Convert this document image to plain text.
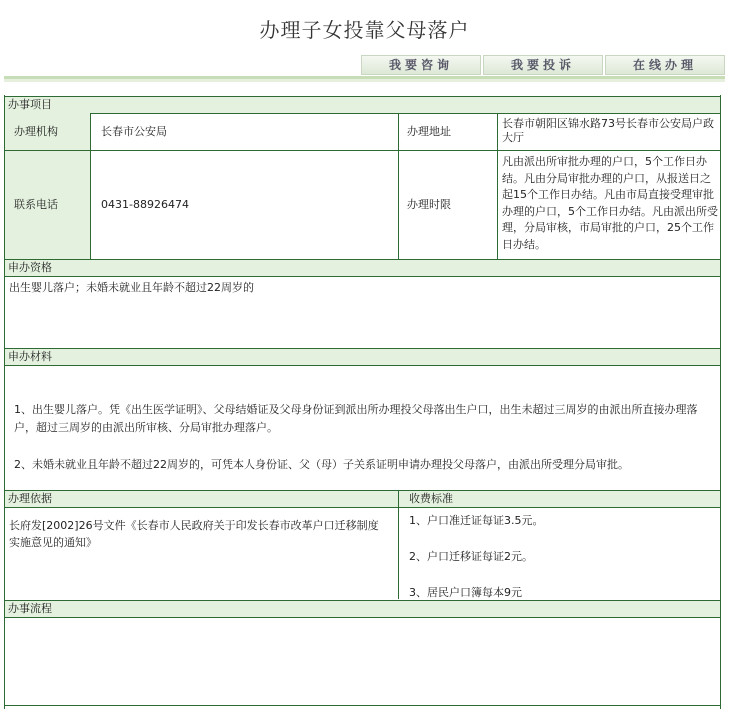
办理子女投靠父母落户
我要咨询	我要投诉	在线办理
办事项目
办理机构	长春市公安局	办理地址
长春市朝阳区锦水路73号长春市公安局户政大厅
联系电话	0431-88926474	办理时限
凡由派出所审批办理的户口，5个工作日办结。凡由分局审批办理的户口，从报送日之起15个工作日办结。凡由市局直接受理审批办理的户口，5个工作日办结。凡由派出所受理，分局审核，市局审批的户口，25个工作日办结。
申办资格
出生婴儿落户；未婚未就业且年龄不超过22周岁的
申办材料
1、出生婴儿落户。凭《出生医学证明》、父母结婚证及父母身份证到派出所办理投父母落出生户口，出生未超过三周岁的由派出所直接办理落户，超过三周岁的由派出所审核、分局审批办理落户。
2、未婚未就业且年龄不超过22周岁的，可凭本人身份证、父（母）子关系证明申请办理投父母落户，由派出所受理分局审批。
办理依据	收费标准
长府发[2002]26号文件《长春市人民政府关于印发长春市改革户口迁移制度实施意见的通知》
1、户口准迁证每证3.5元。
2、户口迁移证每证2元。
3、居民户口簿每本9元
办事流程
